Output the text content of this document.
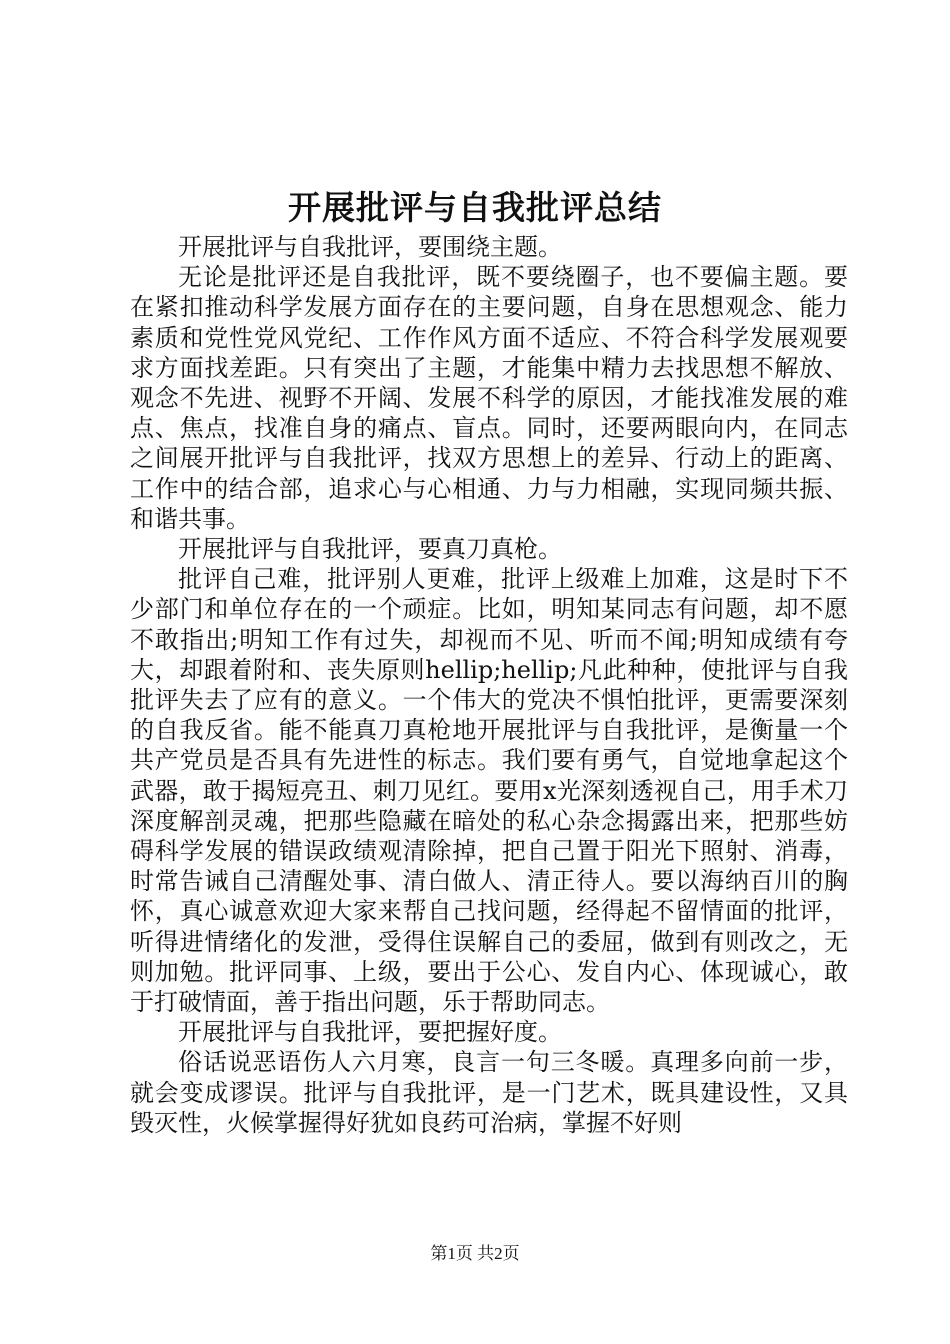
开展批评与自我批评总结

开展批评与自我批评，要围绕主题。

无论是批评还是自我批评，既不要绕圈子，也不要偏主题。要在紧扣推动科学发展方面存在的主要问题，自身在思想观念、能力素质和党性党风党纪、工作作风方面不适应、不符合科学发展观要求方面找差距。只有突出了主题，才能集中精力去找思想不解放、观念不先进、视野不开阔、发展不科学的原因，才能找准发展的难点、焦点，找准自身的痛点、盲点。同时，还要两眼向内，在同志之间展开批评与自我批评，找双方思想上的差异、行动上的距离、工作中的结合部，追求心与心相通、力与力相融，实现同频共振、和谐共事。

开展批评与自我批评，要真刀真枪。

批评自己难，批评别人更难，批评上级难上加难，这是时下不少部门和单位存在的一个顽症。比如，明知某同志有问题，却不愿不敢指出;明知工作有过失，却视而不见、听而不闻;明知成绩有夸大，却跟着附和、丧失原则hellip;hellip;凡此种种，使批评与自我批评失去了应有的意义。一个伟大的党决不惧怕批评，更需要深刻的自我反省。能不能真刀真枪地开展批评与自我批评，是衡量一个共产党员是否具有先进性的标志。我们要有勇气，自觉地拿起这个武器，敢于揭短亮丑、刺刀见红。要用x光深刻透视自己，用手术刀深度解剖灵魂，把那些隐藏在暗处的私心杂念揭露出来，把那些妨碍科学发展的错误政绩观清除掉，把自己置于阳光下照射、消毒，时常告诫自己清醒处事、清白做人、清正待人。要以海纳百川的胸怀，真心诚意欢迎大家来帮自己找问题，经得起不留情面的批评，听得进情绪化的发泄，受得住误解自己的委屈，做到有则改之，无则加勉。批评同事、上级，要出于公心、发自内心、体现诚心，敢于打破情面，善于指出问题，乐于帮助同志。

开展批评与自我批评，要把握好度。

俗话说恶语伤人六月寒，良言一句三冬暖。真理多向前一步，就会变成谬误。批评与自我批评，是一门艺术，既具建设性，又具毁灭性，火候掌握得好犹如良药可治病，掌握不好则

第1页 共2页
